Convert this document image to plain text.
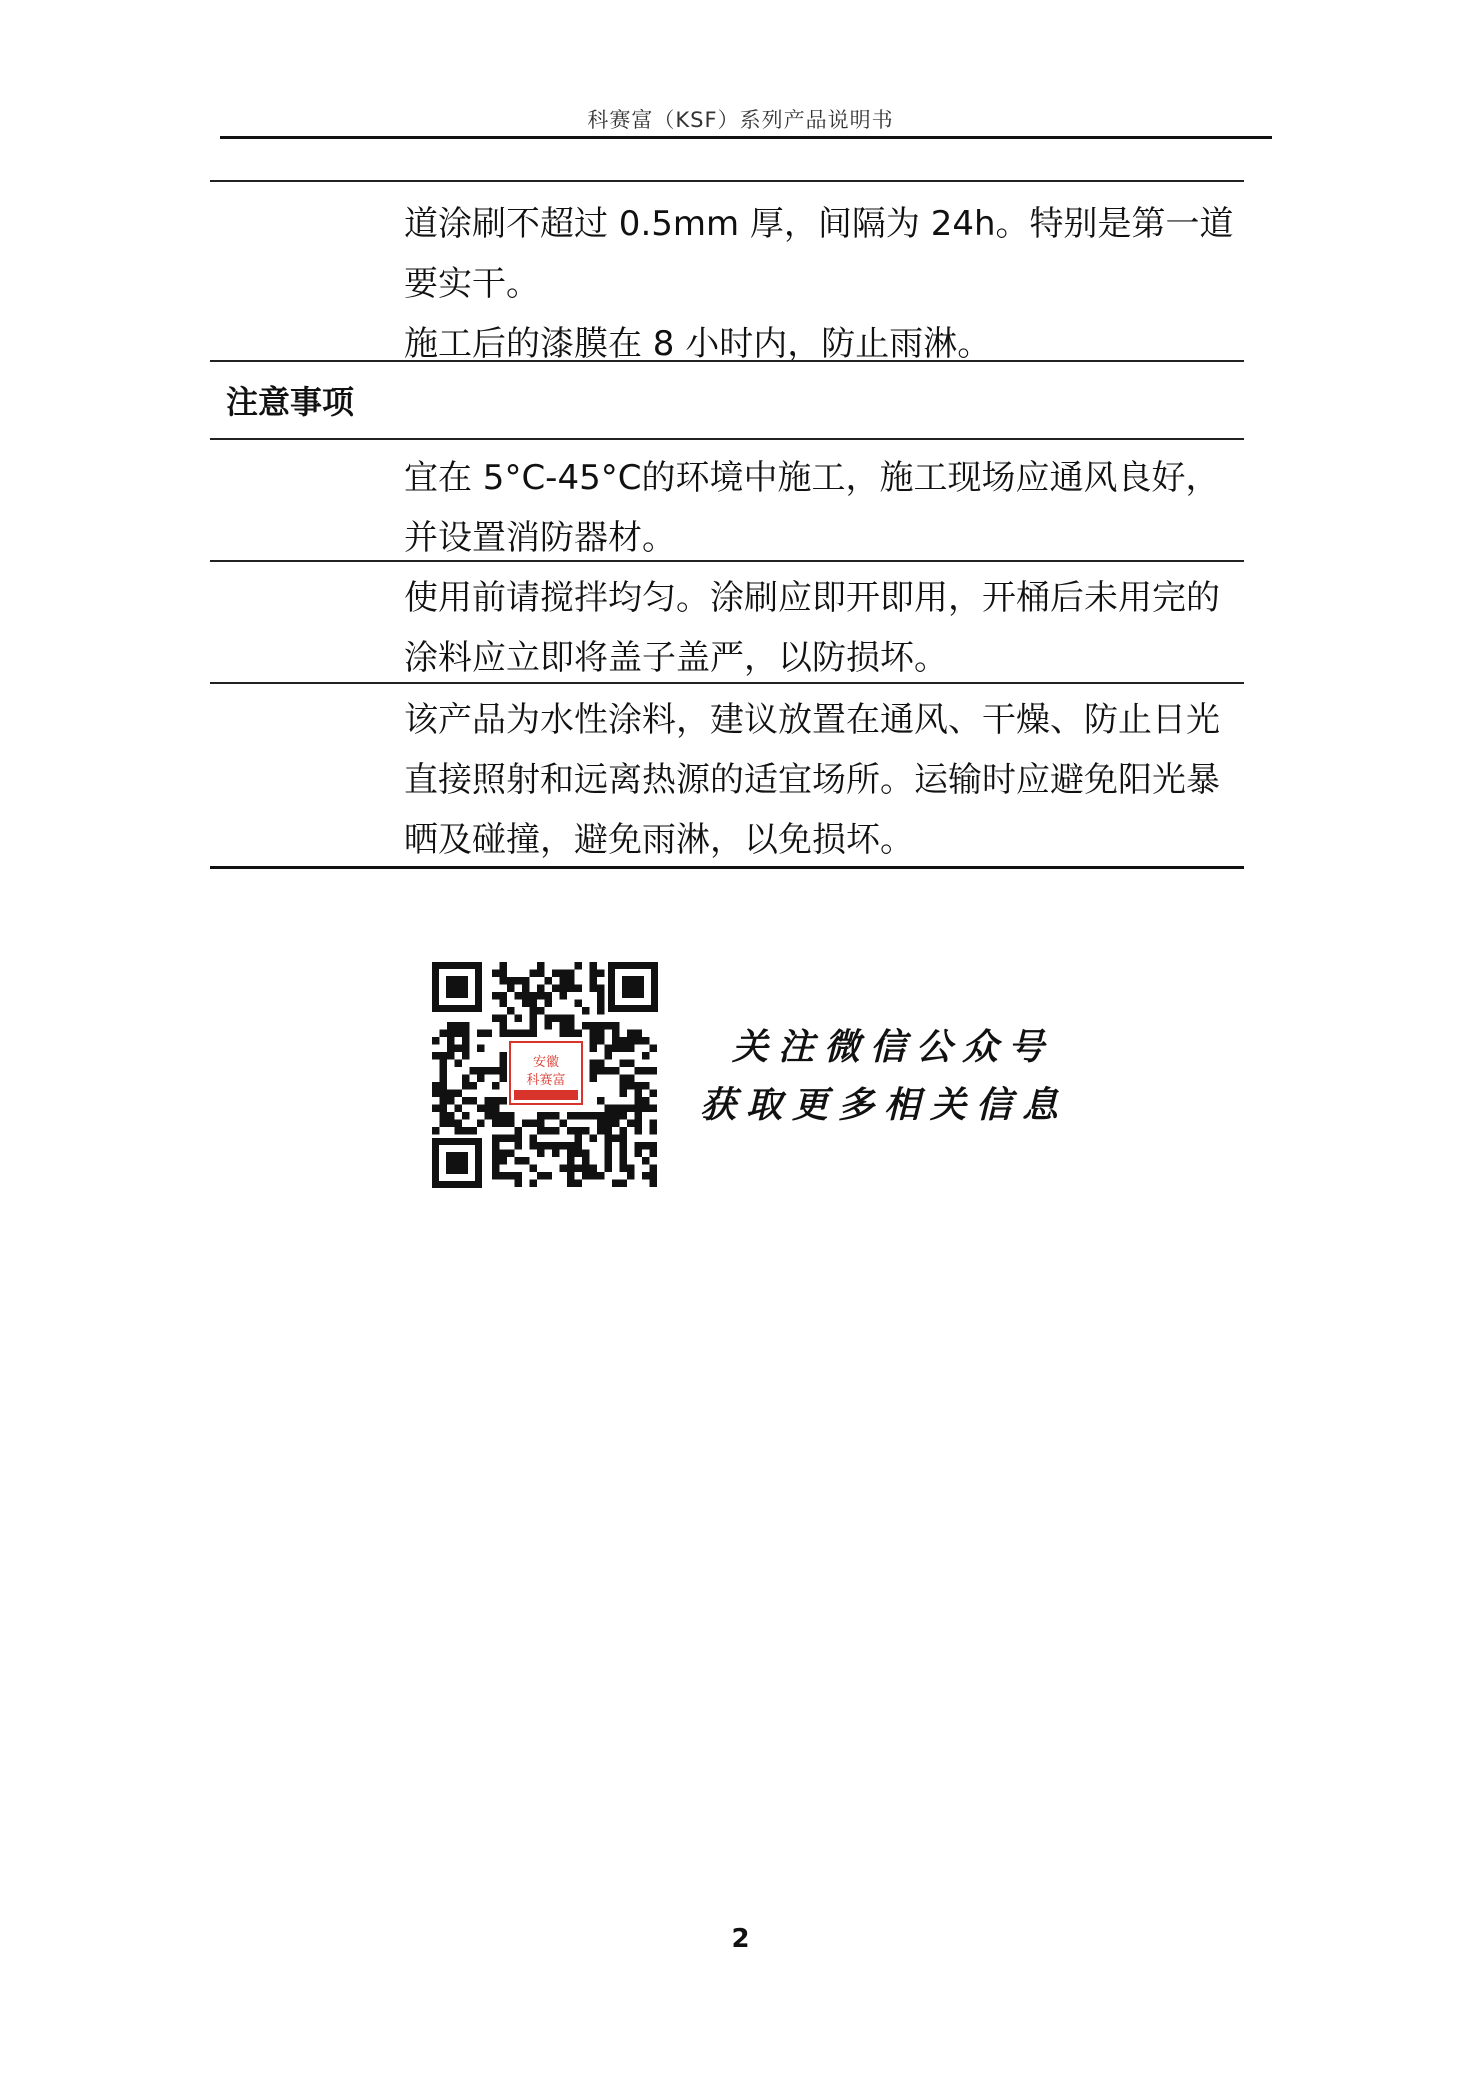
科赛富（KSF）系列产品说明书
道涂刷不超过 0.5mm 厚，间隔为 24h。特别是第一道
要实干。
施工后的漆膜在 8 小时内，防止雨淋。
注意事项
宜在 5°C-45°C的环境中施工，施工现场应通风良好，
并设置消防器材。
使用前请搅拌均匀。涂刷应即开即用，开桶后未用完的
涂料应立即将盖子盖严，以防损坏。
该产品为水性涂料，建议放置在通风、干燥、防止日光
直接照射和远离热源的适宜场所。运输时应避免阳光暴
晒及碰撞，避免雨淋，以免损坏。
安徽
科赛富
关注微信公众号
获取更多相关信息
2
